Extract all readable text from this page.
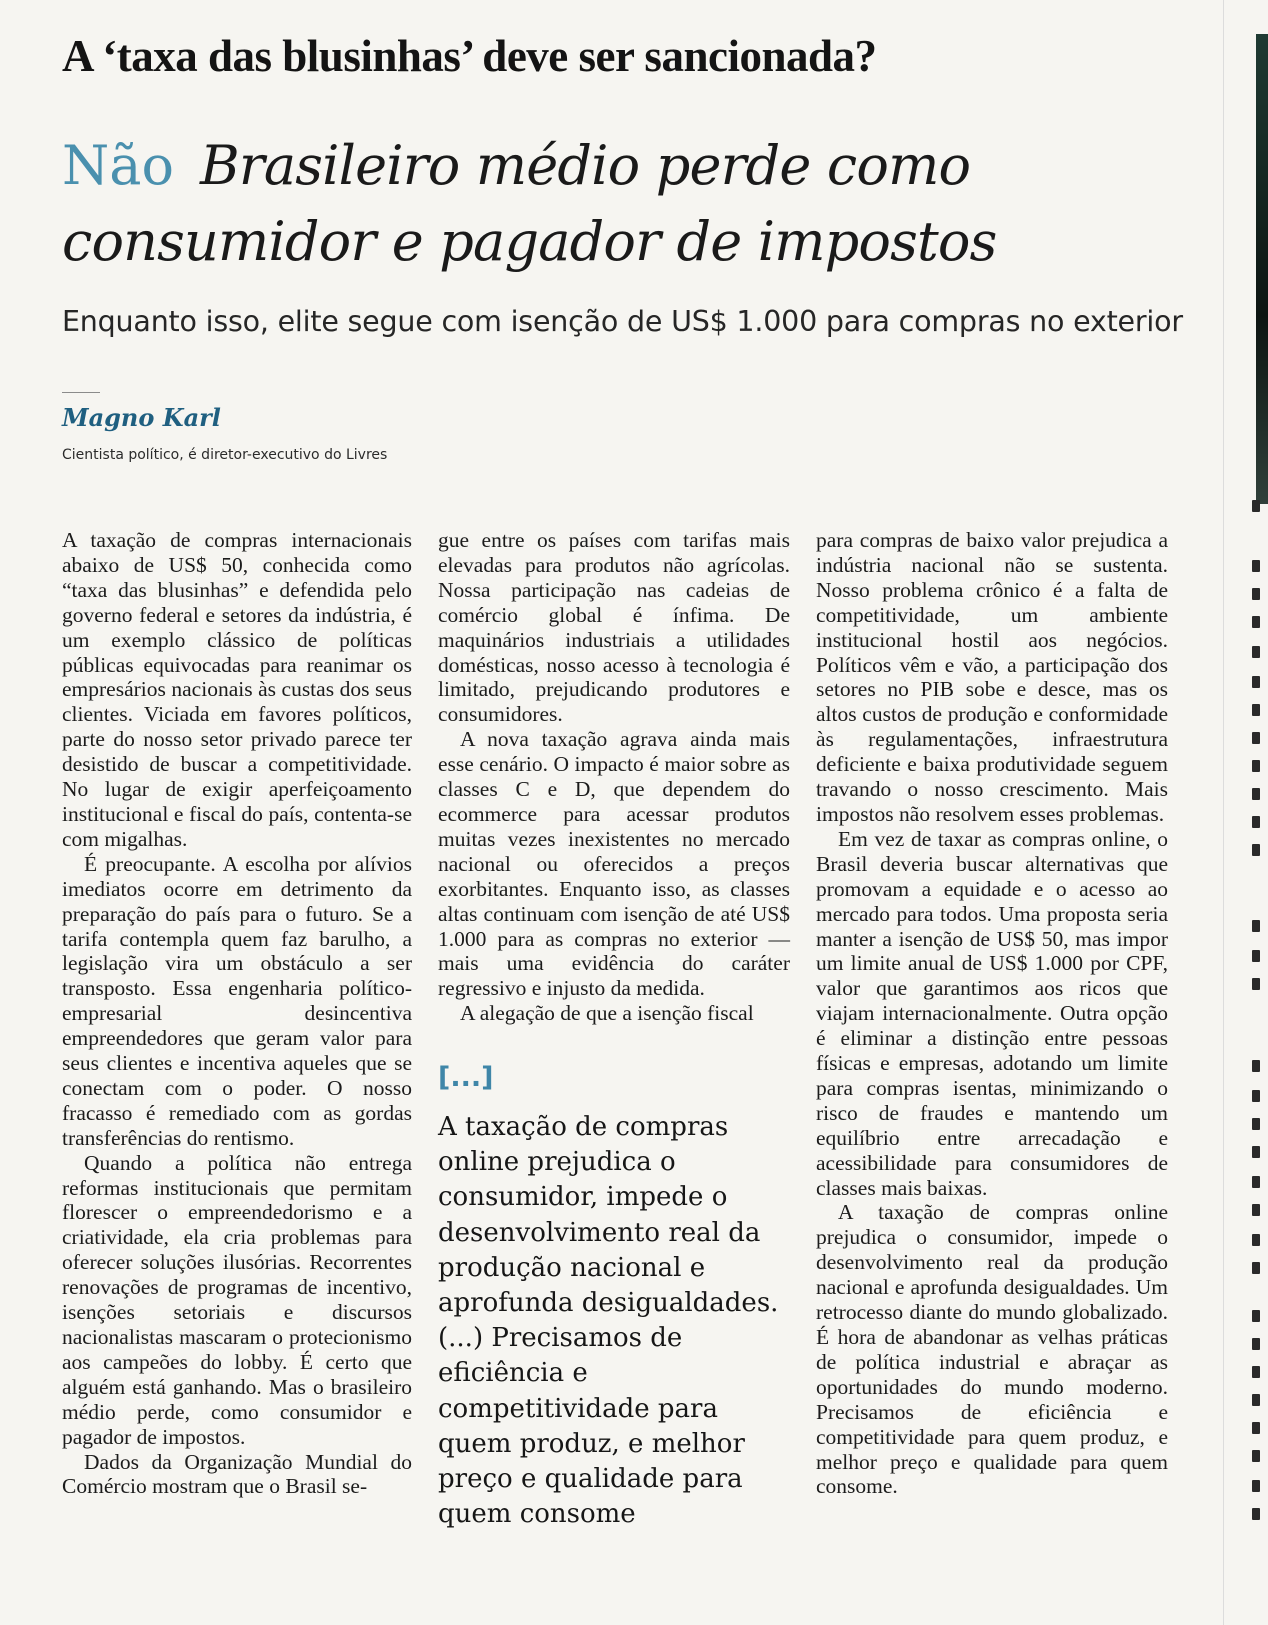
A ‘taxa das blusinhas’ deve ser sancionada?
Não Brasileiro médio perde como consumidor e pagador de impostos

Enquanto isso, elite segue com isenção de US$ 1.000 para compras no exterior

Magno Karl

Cientista político, é diretor-executivo do Livres

A taxação de compras internacionais abaixo de US$ 50, conhecida como “taxa das blusinhas” e defendida pelo governo federal e setores da indústria, é um exemplo clássico de políticas públicas equivocadas para reanimar os empresários nacionais às custas dos seus clientes. Viciada em favores políticos, parte do nosso setor privado parece ter desistido de buscar a competitividade. No lugar de exigir aperfeiçoamento institucional e fiscal do país, contenta-se com migalhas.

É preocupante. A escolha por alívios imediatos ocorre em detrimento da preparação do país para o futuro. Se a tarifa contempla quem faz barulho, a legislação vira um obstáculo a ser transposto. Essa engenharia político-empresarial desincentiva empreendedores que geram valor para seus clientes e incentiva aqueles que se conectam com o poder. O nosso fracasso é remediado com as gordas transferências do rentismo.

Quando a política não entrega reformas institucionais que permitam florescer o empreendedorismo e a criatividade, ela cria problemas para oferecer soluções ilusórias. Recorrentes renovações de programas de incentivo, isenções setoriais e discursos nacionalistas mascaram o protecionismo aos campeões do lobby. É certo que alguém está ganhando. Mas o brasileiro médio perde, como consumidor e pagador de impostos.

Dados da Organização Mundial do Comércio mostram que o Brasil se-

gue entre os países com tarifas mais elevadas para produtos não agrícolas. Nossa participação nas cadeias de comércio global é ínfima. De maquinários industriais a utilidades domésticas, nosso acesso à tecnologia é limitado, prejudicando produtores e consumidores.

A nova taxação agrava ainda mais esse cenário. O impacto é maior sobre as classes C e D, que dependem do ecommerce para acessar produtos muitas vezes inexistentes no mercado nacional ou oferecidos a preços exorbitantes. Enquanto isso, as classes altas continuam com isenção de até US$ 1.000 para as compras no exterior —mais uma evidência do caráter regressivo e injusto da medida.

A alegação de que a isenção fiscal

[...]

A taxação de compras online prejudica o consumidor, impede o desenvolvimento real da produção nacional e aprofunda desigualdades. (...) Precisamos de eficiência e competitividade para quem produz, e melhor preço e qualidade para quem consome

para compras de baixo valor prejudica a indústria nacional não se sustenta. Nosso problema crônico é a falta de competitividade, um ambiente institucional hostil aos negócios. Políticos vêm e vão, a participação dos setores no PIB sobe e desce, mas os altos custos de produção e conformidade às regulamentações, infraestrutura deficiente e baixa produtividade seguem travando o nosso crescimento. Mais impostos não resolvem esses problemas.

Em vez de taxar as compras online, o Brasil deveria buscar alternativas que promovam a equidade e o acesso ao mercado para todos. Uma proposta seria manter a isenção de US$ 50, mas impor um limite anual de US$ 1.000 por CPF, valor que garantimos aos ricos que viajam internacionalmente. Outra opção é eliminar a distinção entre pessoas físicas e empresas, adotando um limite para compras isentas, minimizando o risco de fraudes e mantendo um equilíbrio entre arrecadação e acessibilidade para consumidores de classes mais baixas.

A taxação de compras online prejudica o consumidor, impede o desenvolvimento real da produção nacional e aprofunda desigualdades. Um retrocesso diante do mundo globalizado. É hora de abandonar as velhas práticas de política industrial e abraçar as oportunidades do mundo moderno. Precisamos de eficiência e competitividade para quem produz, e melhor preço e qualidade para quem consome.
